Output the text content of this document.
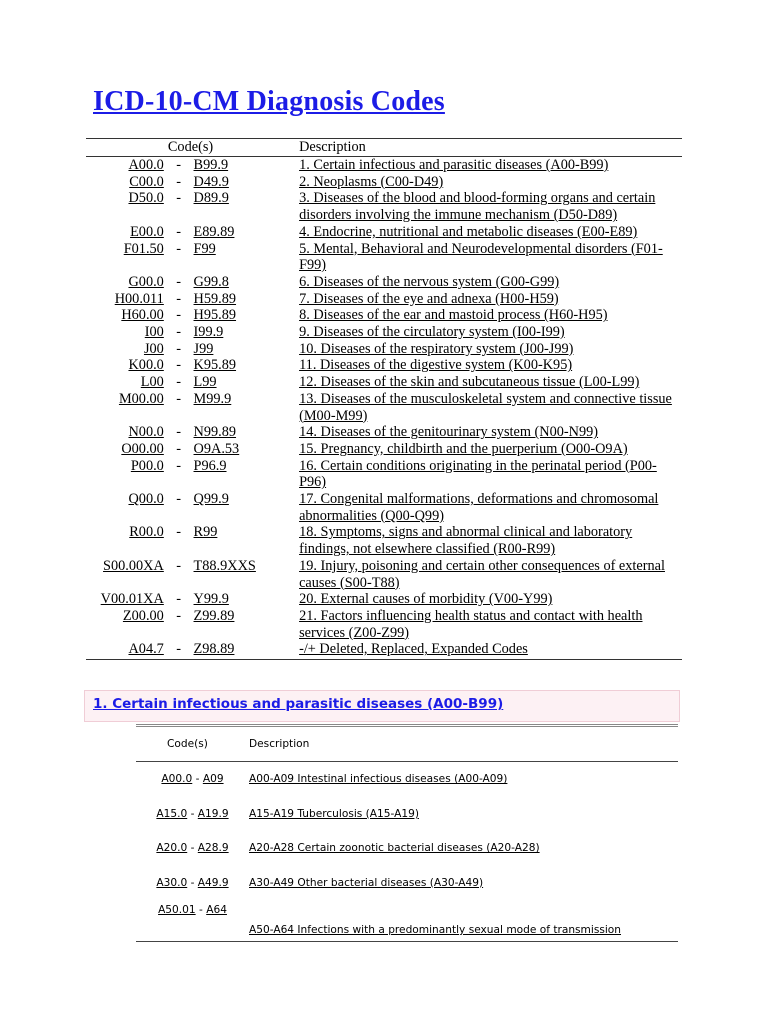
ICD-10-CM Diagnosis Codes
Code(s)			Description
A00.0	-	B99.9	1. Certain infectious and parasitic diseases (A00-B99)
C00.0	-	D49.9	2. Neoplasms (C00-D49)
D50.0	-	D89.9	3. Diseases of the blood and blood-forming organs and certain disorders involving the immune mechanism (D50-D89)
E00.0	-	E89.89	4. Endocrine, nutritional and metabolic diseases (E00-E89)
F01.50	-	F99	5. Mental, Behavioral and Neurodevelopmental disorders (F01-F99)
G00.0	-	G99.8	6. Diseases of the nervous system (G00-G99)
H00.011	-	H59.89	7. Diseases of the eye and adnexa (H00-H59)
H60.00	-	H95.89	8. Diseases of the ear and mastoid process (H60-H95)
I00	-	I99.9	9. Diseases of the circulatory system (I00-I99)
J00	-	J99	10. Diseases of the respiratory system (J00-J99)
K00.0	-	K95.89	11. Diseases of the digestive system (K00-K95)
L00	-	L99	12. Diseases of the skin and subcutaneous tissue (L00-L99)
M00.00	-	M99.9	13. Diseases of the musculoskeletal system and connective tissue (M00-M99)
N00.0	-	N99.89	14. Diseases of the genitourinary system (N00-N99)
O00.00	-	O9A.53	15. Pregnancy, childbirth and the puerperium (O00-O9A)
P00.0	-	P96.9	16. Certain conditions originating in the perinatal period (P00-P96)
Q00.0	-	Q99.9	17. Congenital malformations, deformations and chromosomal abnormalities (Q00-Q99)
R00.0	-	R99	18. Symptoms, signs and abnormal clinical and laboratory findings, not elsewhere classified (R00-R99)
S00.00XA	-	T88.9XXS	19. Injury, poisoning and certain other consequences of external causes (S00-T88)
V00.01XA	-	Y99.9	20. External causes of morbidity (V00-Y99)
Z00.00	-	Z99.89	21. Factors influencing health status and contact with health services (Z00-Z99)
A04.7	-	Z98.89	-/+ Deleted, Replaced, Expanded Codes
1. Certain infectious and parasitic diseases (A00-B99)
Code(s)	Description
A00.0 - A09	A00-A09 Intestinal infectious diseases (A00-A09)
A15.0 - A19.9	A15-A19 Tuberculosis (A15-A19)
A20.0 - A28.9	A20-A28 Certain zoonotic bacterial diseases (A20-A28)
A30.0 - A49.9	A30-A49 Other bacterial diseases (A30-A49)
A50.01 - A64	A50-A64 Infections with a predominantly sexual mode of transmission
